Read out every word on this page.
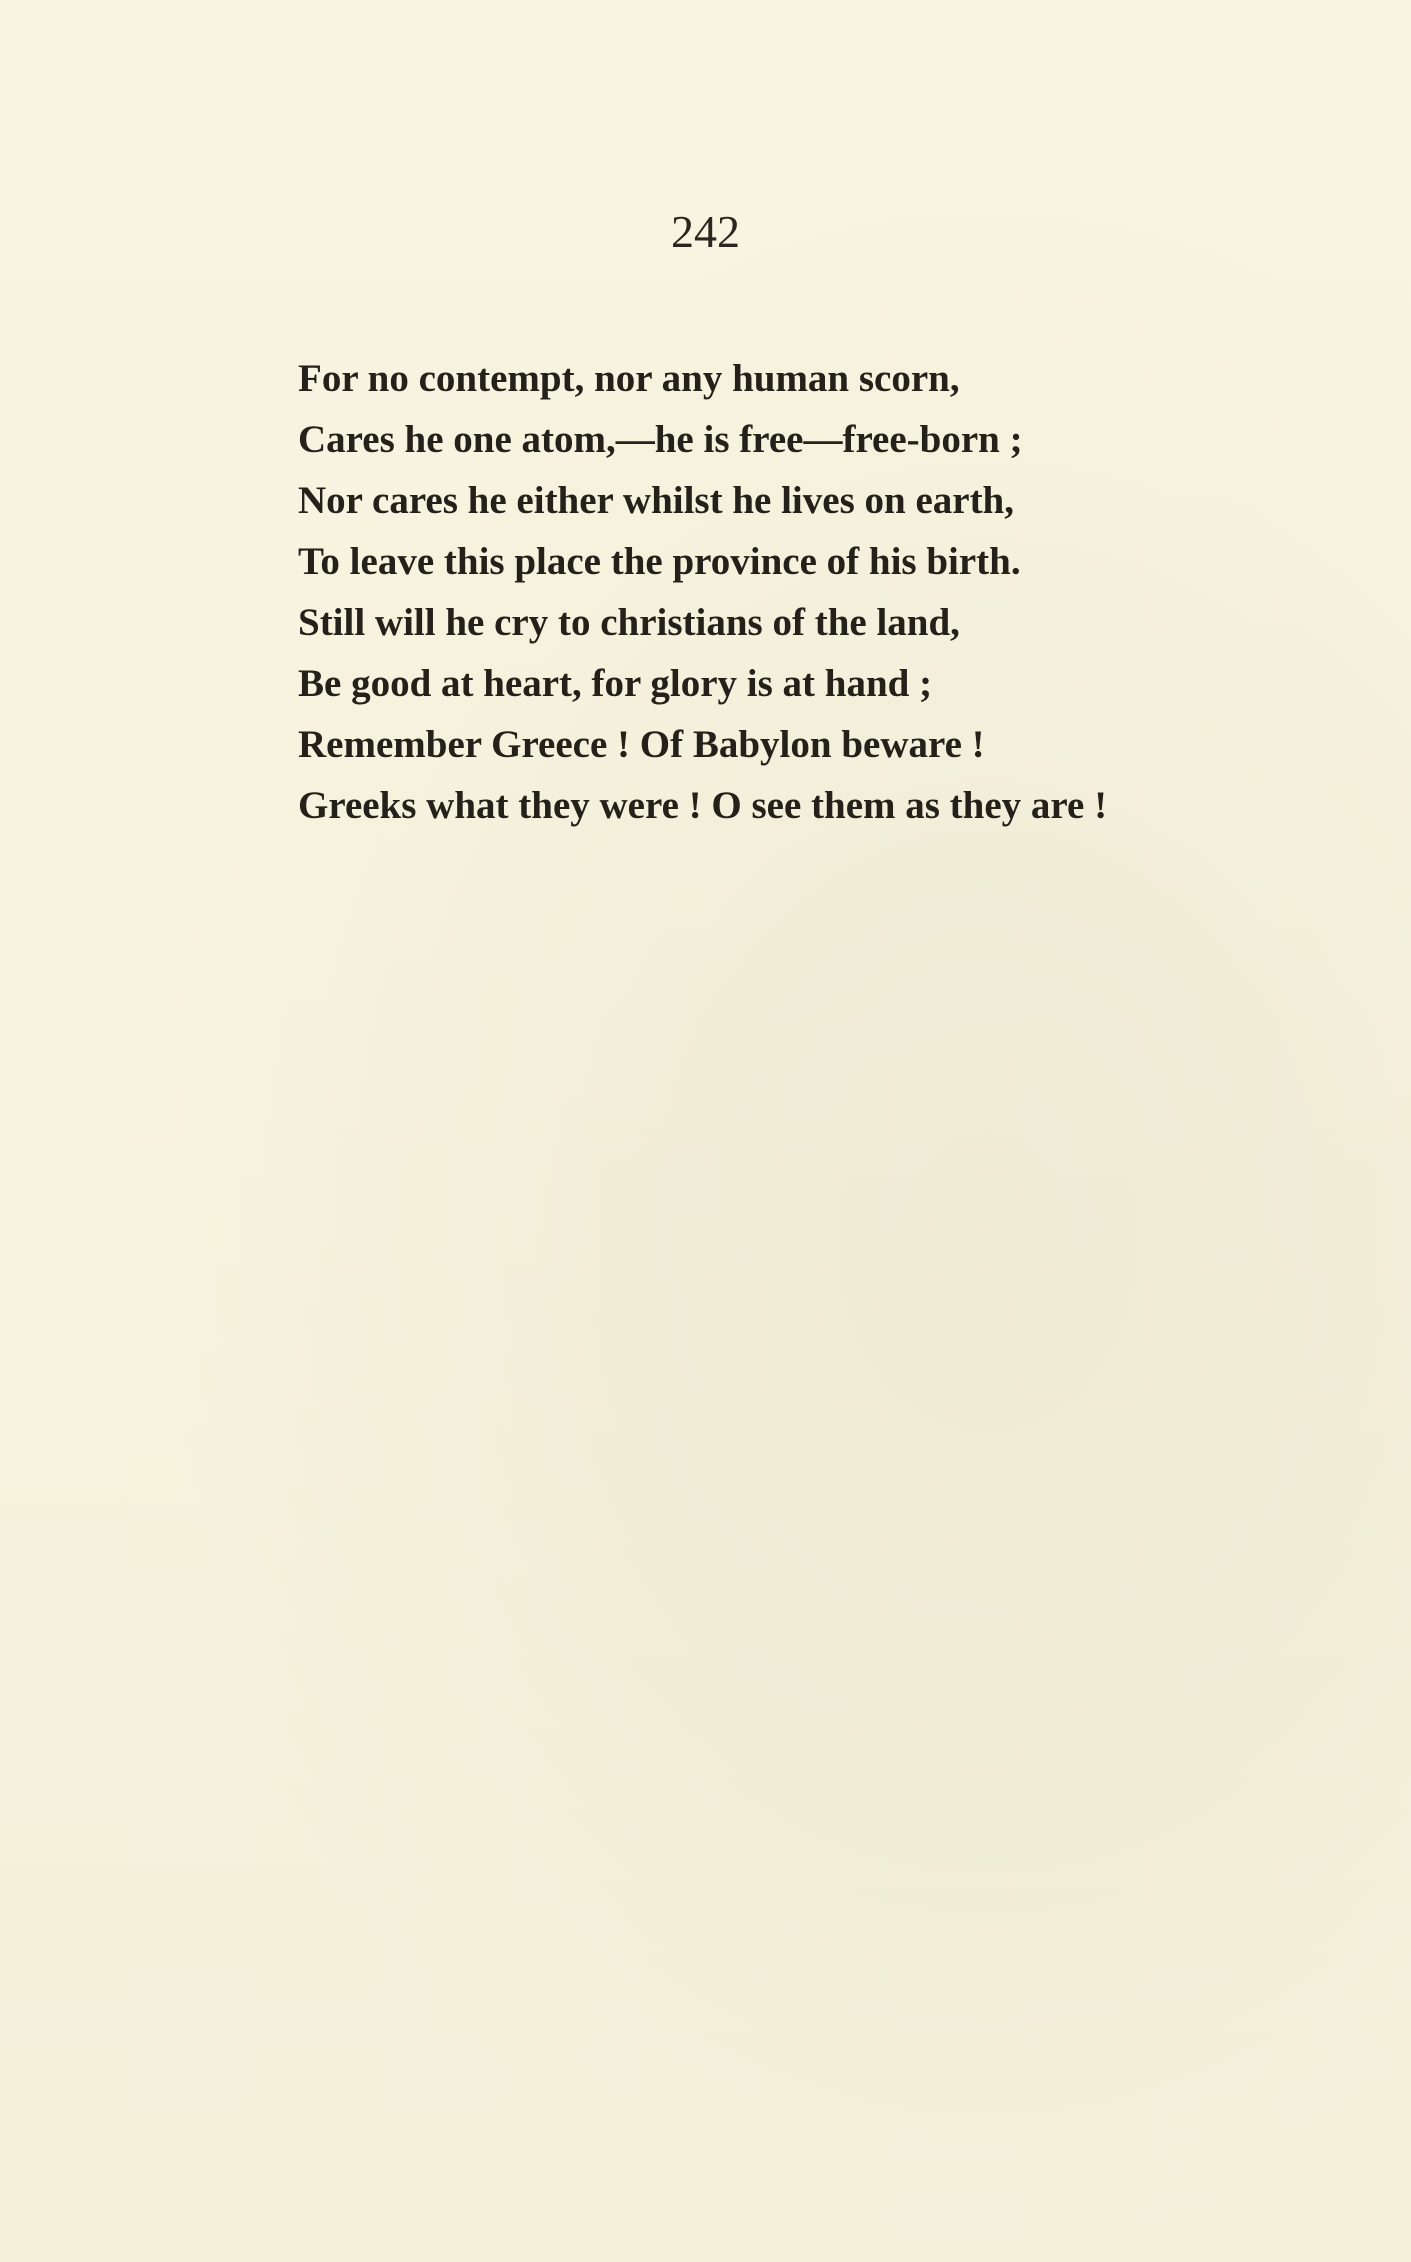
242
For no contempt, nor any human scorn,
Cares he one atom,—he is free—free-born ;
Nor cares he either whilst he lives on earth,
To leave this place the province of his birth.
Still will he cry to christians of the land,
Be good at heart, for glory is at hand ;
Remember Greece ! Of Babylon beware !
Greeks what they were ! O see them as they are !
